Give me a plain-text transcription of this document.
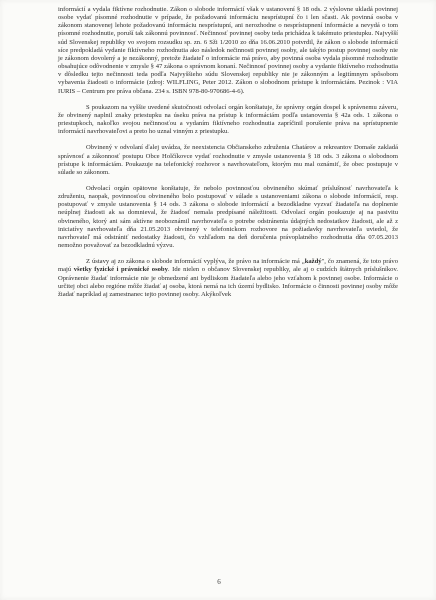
informácií a vydala fiktívne rozhodnutie. Zákon o slobode informácií však v ustanovení § 18 ods. 2 výslovne ukladá povinnej osobe vydať písomné rozhodnutie v prípade, že požadovanú informáciu nesprístupní čo i len sčasti. Ak povinná osoba v zákonom stanovenej lehote požadovanú informáciu nesprístupní, ani nerozhodne o nesprístupnení informácie a nevydá o tom písomné rozhodnutie, poruší tak zákonnú povinnosť. Nečinnosť povinnej osoby teda prichádza k takémuto priestupku. Najvyšší súd Slovenskej republiky vo svojom rozsudku sp. zn. 6 Sži 1/2010 zo dňa 16.06.2010 potvrdil, že zákon o slobode informácií síce predpokladá vydanie fiktívneho rozhodnutia ako následok nečinnosti povinnej osoby, ale takýto postup povinnej osoby nie je zákonom dovolený a je nezákonný, pretože žiadateľ o informácie má právo, aby povinná osoba vydala písomné rozhodnutie obsahujúce odôvodnenie v zmysle § 47 zákona o správnom konaní. Nečinnosť povinnej osoby a vydanie fiktívneho rozhodnutia v dôsledku tejto nečinnosti teda podľa Najvyššieho súdu Slovenskej republiky nie je zákonným a legitímnym spôsobom vybavenia žiadosti o informácie (zdroj: WILFLING, Peter 2012. Zákon o slobodnom prístupe k informáciám. Pezinok : VIA IURIS – Centrum pre práva občana. 234 s. ISBN 978-80-970686-4-6).

S poukazom na vyššie uvedené skutočnosti odvolací orgán konštatuje, že správny orgán dospel k správnemu záveru, že obvinený naplnil znaky priestupku na úseku práva na prístup k informáciám podľa ustanovenia § 42a ods. 1 zákona o priestupkoch, nakoľko svojou nečinnosťou a vydaním fiktívneho rozhodnutia zapríčinil porušenie práva na sprístupnenie informácií navrhovateľovi a preto ho uznal vinným z priestupku.

Obvinený v odvolaní ďalej uvádza, že neexistencia Občianskeho združenia Chatárov a rekreantov Domaše zakladá správnosť a zákonnosť postupu Obce Holčíkovce vydať rozhodnutie v zmysle ustanovenia § 18 ods. 3 zákona o slobodnom prístupe k informáciám. Poukazuje na telefonický rozhovor s navrhovateľom, ktorým mu mal oznámiť, že obec postupuje v súlade so zákonom.

Odvolací orgán opätovne konštatuje, že nebolo povinnosťou obvineného skúmať príslušnosť navrhovateľa k združeniu, naopak, povinnosťou obvineného bolo postupovať v súlade s ustanoveniami zákona o slobode informácií, resp. postupovať v zmysle ustanovenia § 14 ods. 3 zákona o slobode informácií a bezodkladne vyzvať žiadateľa na doplnenie neúplnej žiadosti ak sa domnieval, že žiadosť nemala predpísané náležitosti. Odvolací orgán poukazuje aj na pasivitu obvineného, ktorý ani sám aktívne neoboznámil navrhovateľa o potrebe odstránenia údajných nedostatkov žiadosti, ale až z iniciatívy navrhovateľa dňa 21.05.2013 obvinený v telefonickom rozhovore na požiadavky navrhovateľa uviedol, že navrhovateľ má odstrániť nedostatky žiadosti, čo vzhľadom na deň doručenia právoplatného rozhodnutia dňa 07.05.2013 nemožno považovať za bezodkladnú výzvu.

Z ústavy aj zo zákona o slobode informácií vyplýva, že právo na informácie má „každý", čo znamená, že toto právo majú všetky fyzické i právnické osoby. Ide nielen o občanov Slovenskej republiky, ale aj o cudzích štátnych príslušníkov. Oprávnenie žiadať informácie nie je obmedzené ani bydliskom žiadateľa alebo jeho vzťahom k povinnej osobe. Informácie o určitej obci alebo regióne môže žiadať aj osoba, ktorá nemá na ich území bydlisko. Informácie o činnosti povinnej osoby môže žiadať napríklad aj zamestnanec tejto povinnej osoby. Akýkoľvek

6
